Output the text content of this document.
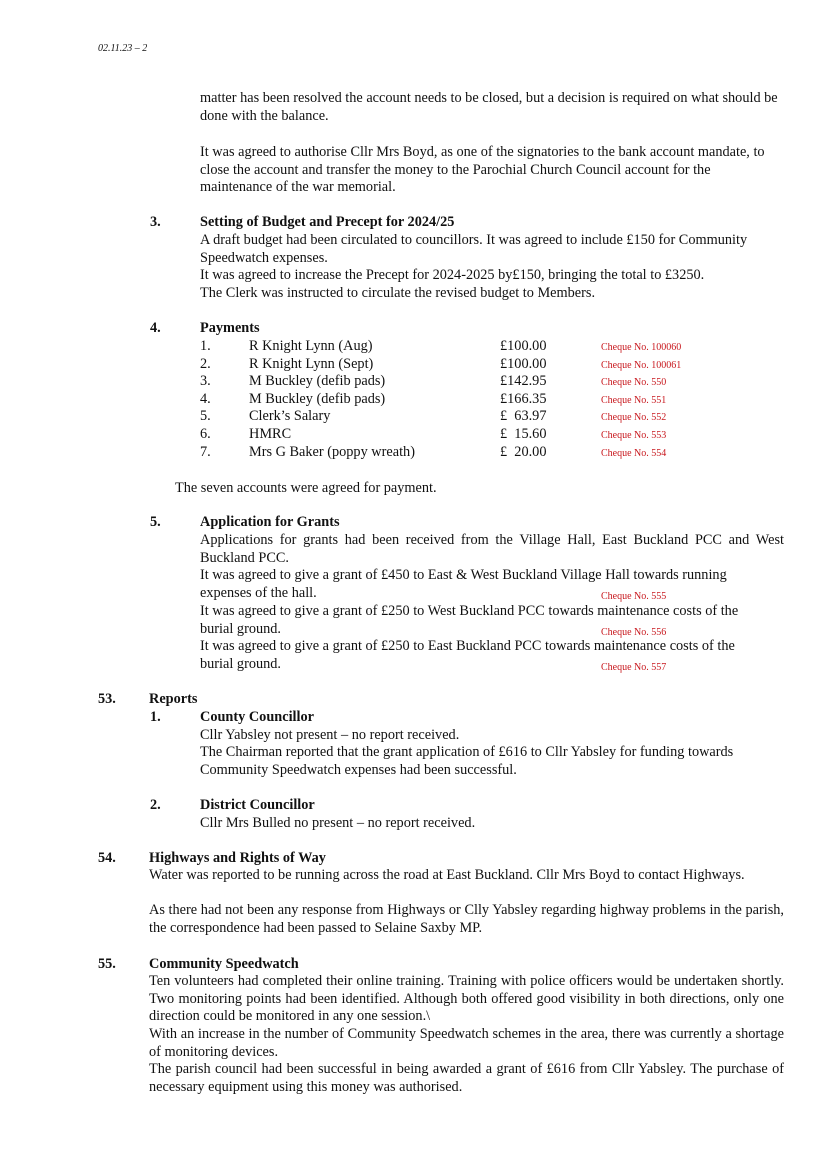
02.11.23 – 2

matter has been resolved the account needs to be closed, but a decision is required on what should be done with the balance.

It was agreed to authorise Cllr Mrs Boyd, as one of the signatories to the bank account mandate, to close the account and transfer the money to the Parochial Church Council account for the maintenance of the war memorial.

3.	Setting of Budget and Precept for 2024/25
A draft budget had been circulated to councillors. It was agreed to include £150 for Community Speedwatch expenses.
It was agreed to increase the Precept for 2024-2025 by£150, bringing the total to £3250.
The Clerk was instructed to circulate the revised budget to Members.
4.	Payments
1.	R Knight Lynn (Aug)	£100.00	Cheque No. 100060
2.	R Knight Lynn (Sept)	£100.00	Cheque No. 100061
3.	M Buckley (defib pads)	£142.95	Cheque No. 550
4.	M Buckley (defib pads)	£166.35	Cheque No. 551
5.	Clerk’s Salary	£  63.97	Cheque No. 552
6.	HMRC	£  15.60	Cheque No. 553
7.	Mrs G Baker (poppy wreath)	£  20.00	Cheque No. 554
The seven accounts were agreed for payment.
5.	Application for Grants
Applications for grants had been received from the Village Hall, East Buckland PCC and West Buckland PCC.
It was agreed to give a grant of £450 to East & West Buckland Village Hall towards running
expenses of the hall.	Cheque No. 555
It was agreed to give a grant of £250 to West Buckland PCC towards maintenance costs of the
burial ground.	Cheque No. 556
It was agreed to give a grant of £250 to East Buckland PCC towards maintenance costs of the
burial ground.	Cheque No. 557
53. Reports
1.	County Councillor
Cllr Yabsley not present – no report received.
The Chairman reported that the grant application of £616 to Cllr Yabsley for funding towards Community Speedwatch expenses had been successful.
2.	District Councillor
Cllr Mrs Bulled no present – no report received.
54. Highways and Rights of Way
Water was reported to be running across the road at East Buckland. Cllr Mrs Boyd to contact Highways.
As there had not been any response from Highways or Clly Yabsley regarding highway problems in the parish, the correspondence had been passed to Selaine Saxby MP.
55. Community Speedwatch
Ten volunteers had completed their online training. Training with police officers would be undertaken shortly. Two monitoring points had been identified. Although both offered good visibility in both directions, only one direction could be monitored in any one session.\
With an increase in the number of Community Speedwatch schemes in the area, there was currently a shortage of monitoring devices.
The parish council had been successful in being awarded a grant of £616 from Cllr Yabsley. The purchase of necessary equipment using this money was authorised.
